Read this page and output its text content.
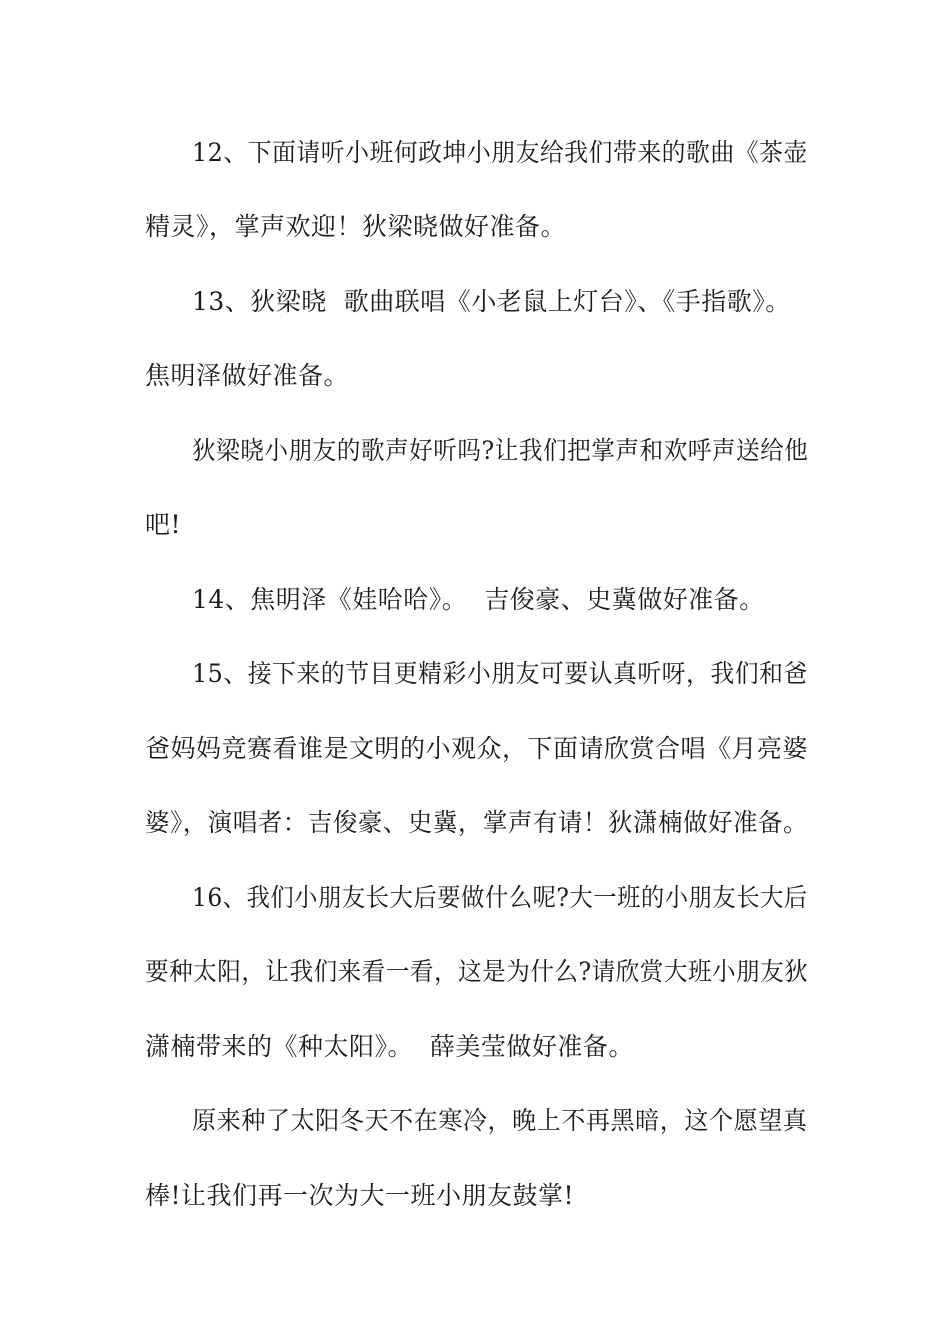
12、下面请听小班何政坤小朋友给我们带来的歌曲《茶壶
精灵》，掌声欢迎！狄梁晓做好准备。
13、狄梁晓  歌曲联唱《小老鼠上灯台》、《手指歌》。
焦明泽做好准备。
狄梁晓小朋友的歌声好听吗?让我们把掌声和欢呼声送给他
吧!
14、焦明泽《娃哈哈》。  吉俊豪、史冀做好准备。
15、接下来的节目更精彩小朋友可要认真听呀，我们和爸
爸妈妈竞赛看谁是文明的小观众，下面请欣赏合唱《月亮婆
婆》，演唱者：吉俊豪、史冀，掌声有请！狄潇楠做好准备。
16、我们小朋友长大后要做什么呢?大一班的小朋友长大后
要种太阳，让我们来看一看，这是为什么?请欣赏大班小朋友狄
潇楠带来的《种太阳》。  薛美莹做好准备。
原来种了太阳冬天不在寒冷，晚上不再黑暗，这个愿望真
棒!让我们再一次为大一班小朋友鼓掌!
